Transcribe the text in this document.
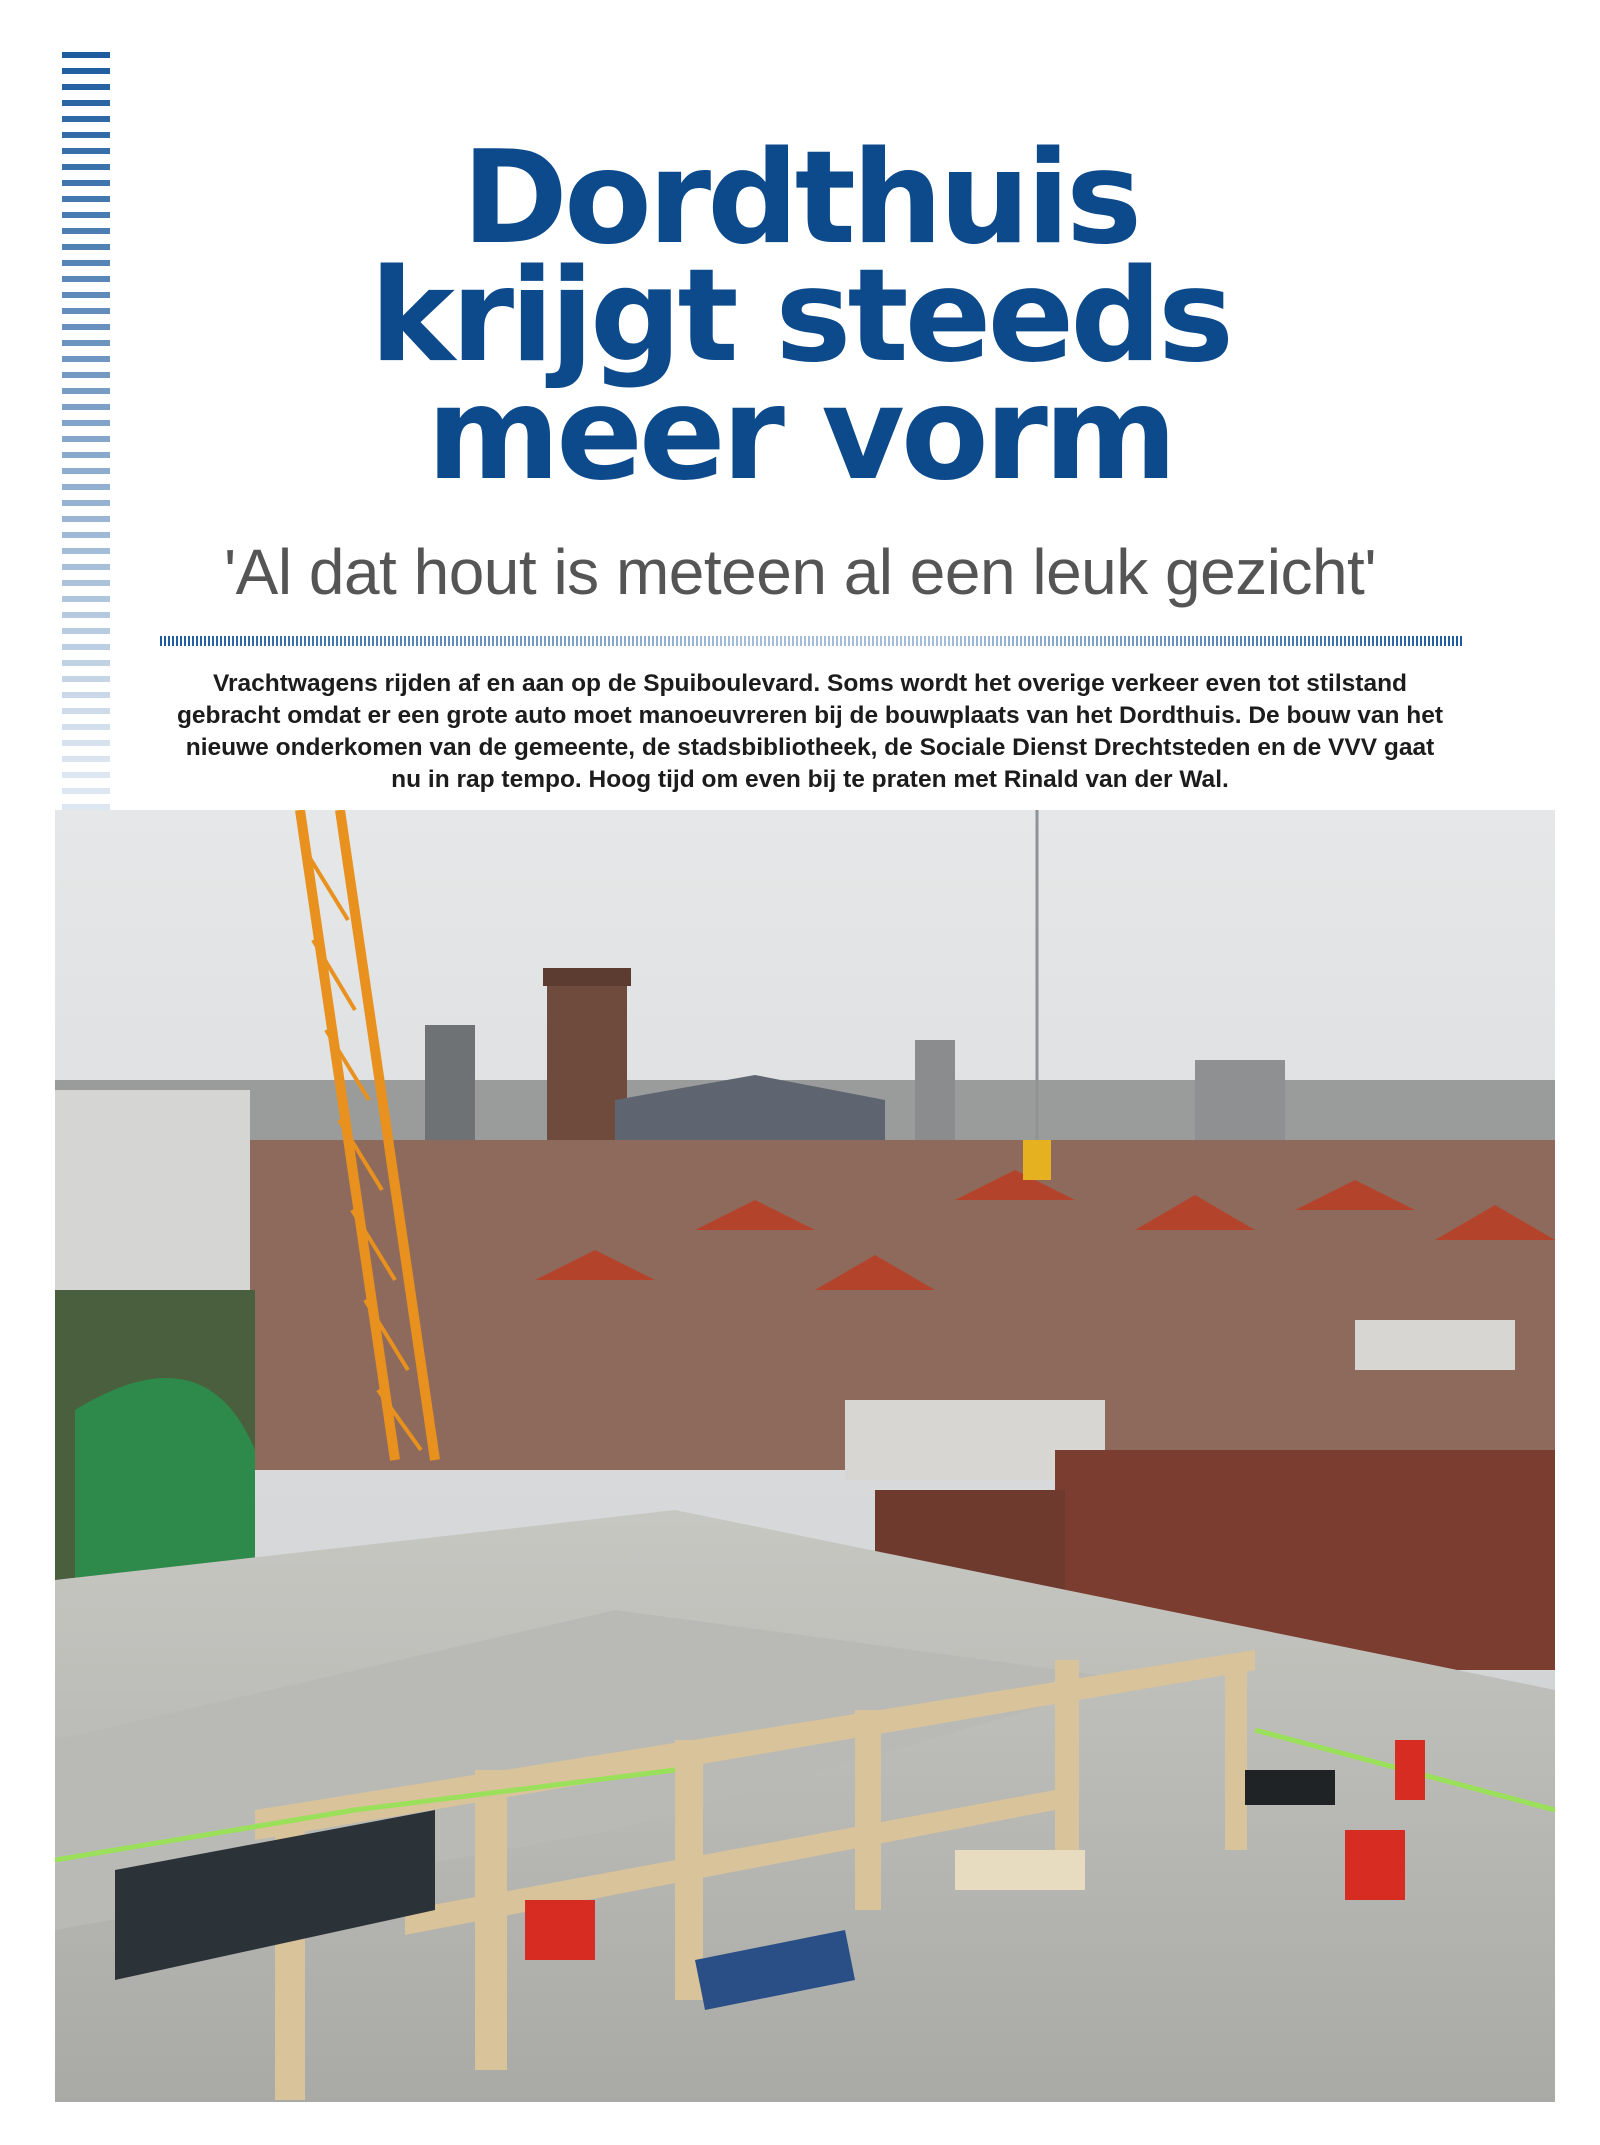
Dordthuis
krijgt steeds
meer vorm
'Al dat hout is meteen al een leuk gezicht'

Vrachtwagens rijden af en aan op de Spuiboulevard. Soms wordt het overige verkeer even tot stilstand gebracht omdat er een grote auto moet manoeuvreren bij de bouwplaats van het Dordthuis. De bouw van het nieuwe onderkomen van de gemeente, de stadsbibliotheek, de Sociale Dienst Drechtsteden en de VVV gaat nu in rap tempo. Hoog tijd om even bij te praten met Rinald van der Wal.
